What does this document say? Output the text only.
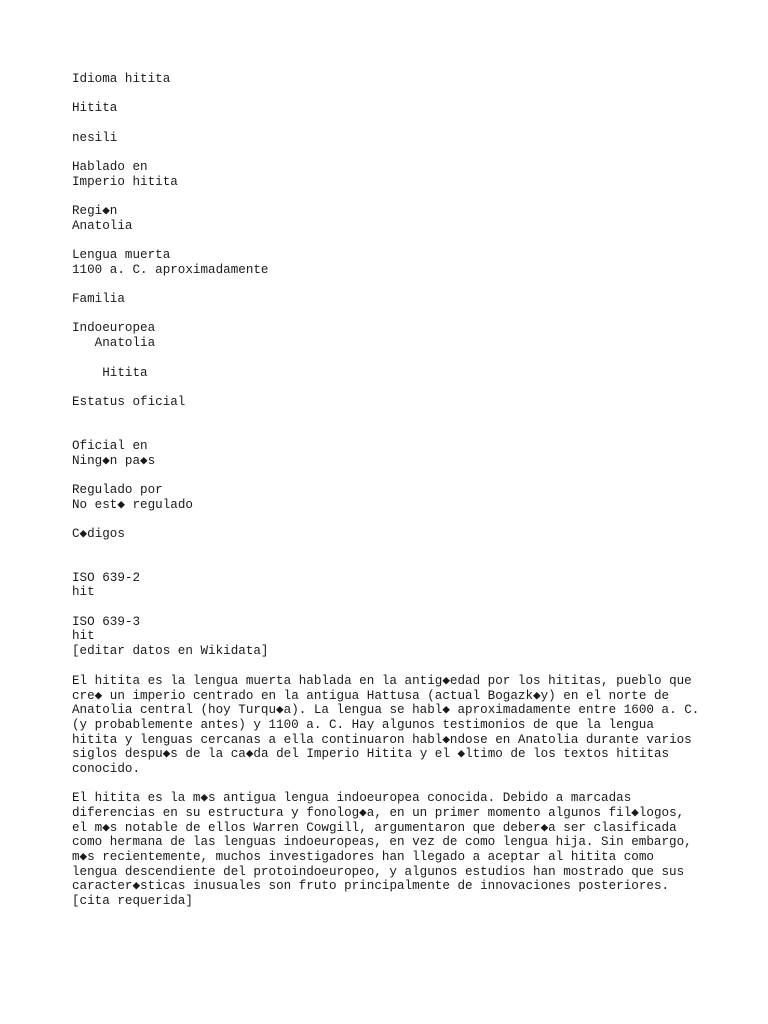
Idioma hitita

Hitita

nesili

Hablado en

Imperio hitita

Regi◆n

Anatolia

Lengua muerta

1100 a. C. aproximadamente

Familia

Indoeuropea

Anatolia

Hitita

Estatus oficial

Oficial en

Ning◆n pa◆s

Regulado por

No est◆ regulado

C◆digos

ISO 639-2

hit

ISO 639-3

hit

[editar datos en Wikidata]

El hitita es la lengua muerta hablada en la antig◆edad por los hititas, pueblo que

cre◆ un imperio centrado en la antigua Hattusa (actual Bogazk◆y) en el norte de

Anatolia central (hoy Turqu◆a). La lengua se habl◆ aproximadamente entre 1600 a. C.

(y probablemente antes) y 1100 a. C. Hay algunos testimonios de que la lengua

hitita y lenguas cercanas a ella continuaron habl◆ndose en Anatolia durante varios

siglos despu◆s de la ca◆da del Imperio Hitita y el ◆ltimo de los textos hititas

conocido.

El hitita es la m◆s antigua lengua indoeuropea conocida. Debido a marcadas

diferencias en su estructura y fonolog◆a, en un primer momento algunos fil◆logos,

el m◆s notable de ellos Warren Cowgill, argumentaron que deber◆a ser clasificada

como hermana de las lenguas indoeuropeas, en vez de como lengua hija. Sin embargo,

m◆s recientemente, muchos investigadores han llegado a aceptar al hitita como

lengua descendiente del protoindoeuropeo, y algunos estudios han mostrado que sus

caracter◆sticas inusuales son fruto principalmente de innovaciones posteriores.

[cita requerida]
